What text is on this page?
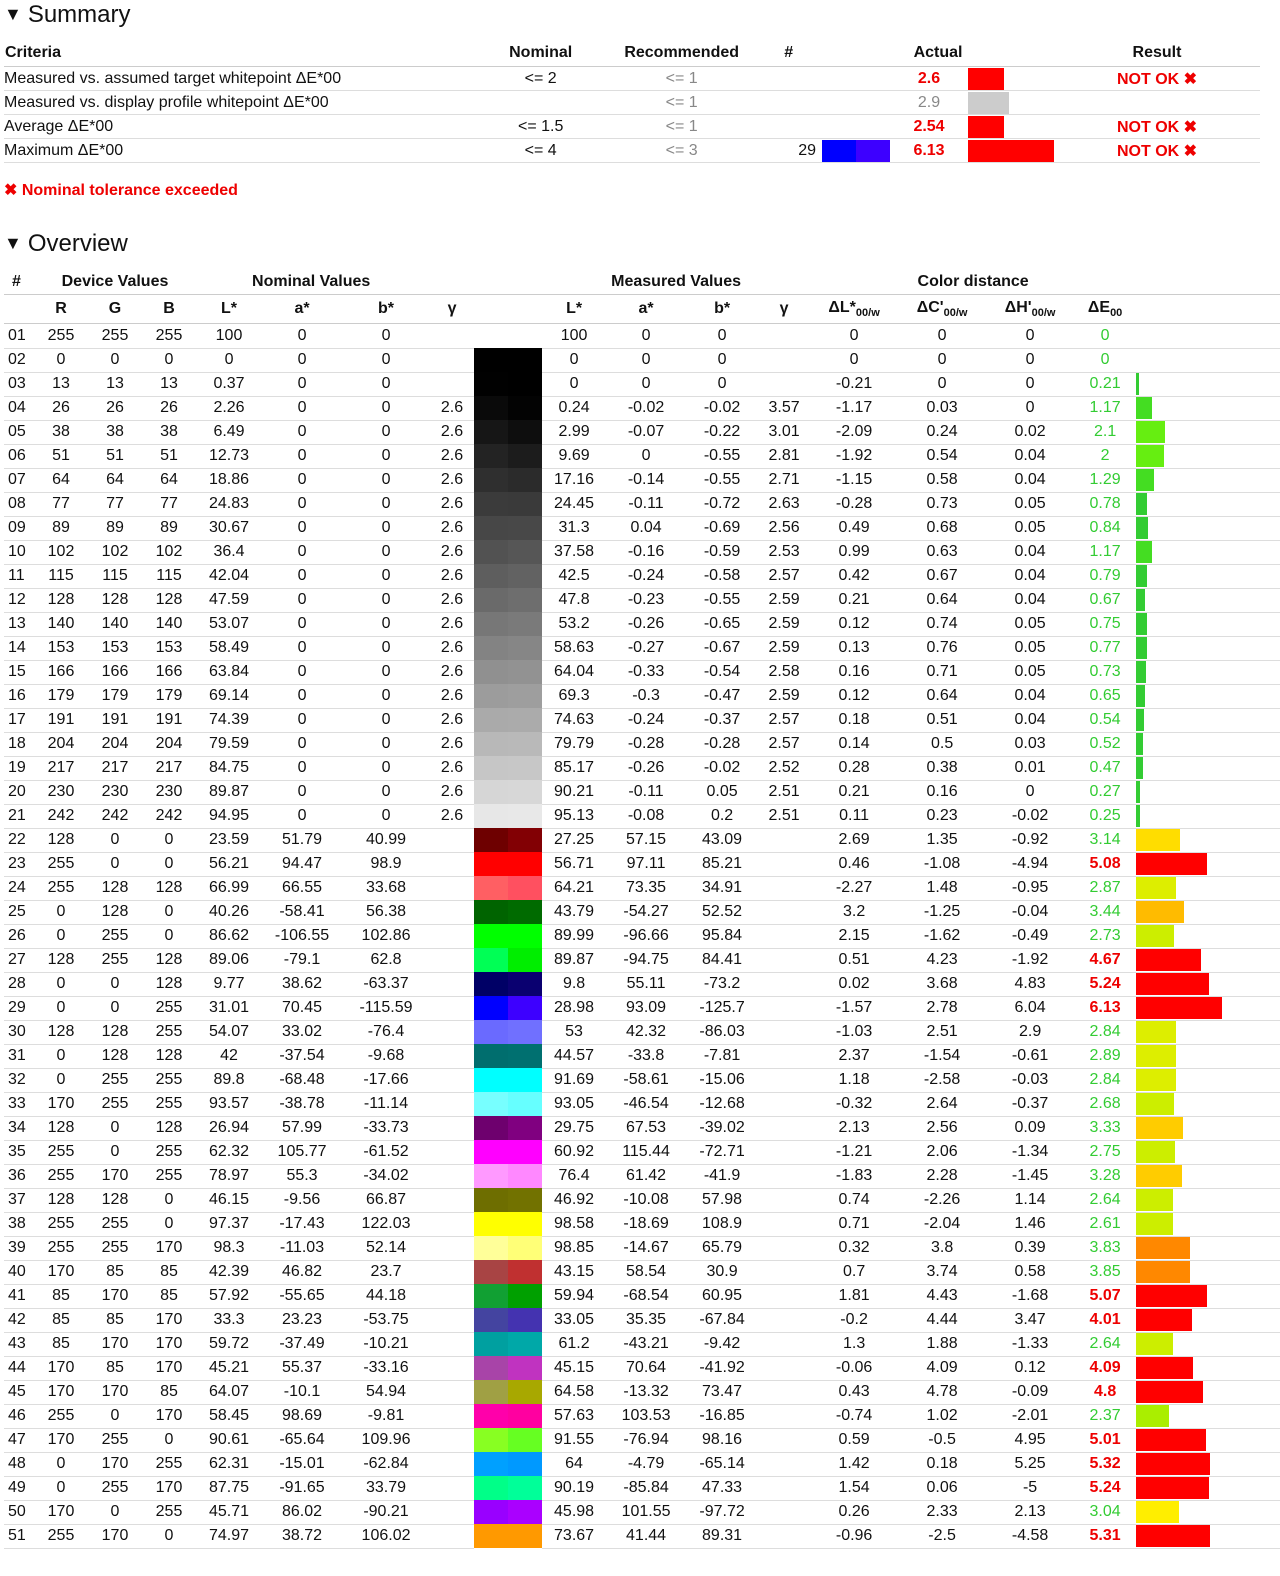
▼ Summary
Criteria	Nominal	Recommended	#	Actual	Result
Measured vs. assumed target whitepoint ΔE*00	<= 2	<= 1		2.6	NOT OK ✖
Measured vs. display profile whitepoint ΔE*00		<= 1		2.9	

Average ΔE*00	<= 1.5	<= 1		2.54	NOT OK ✖
Maximum ΔE*00	<= 4	<= 3	29	6.13	NOT OK ✖
✖ Nominal tolerance exceeded
▼ Overview
#	Device Values			Nominal Values					Measured Values				Color distance				
	R	G	B	L*	a*	b*	γ		L*	a*	b*	γ	$\Delta L*_{00/w}$	$\Delta C'_{00/w}$	$\Delta H'_{00/w}$	$\Delta E_{00}$	
01	255	255	255	100	0	0			100	0	0		0	0	0	0	

02	0	0	0	0	0	0			0	0	0		0	0	0	0	

03	13	13	13	0.37	0	0			0	0	0		-0.21	0	0	0.21	

04	26	26	26	2.26	0	0	2.6		0.24	-0.02	-0.02	3.57	-1.17	0.03	0	1.17	

05	38	38	38	6.49	0	0	2.6		2.99	-0.07	-0.22	3.01	-2.09	0.24	0.02	2.1	

06	51	51	51	12.73	0	0	2.6		9.69	0	-0.55	2.81	-1.92	0.54	0.04	2	

07	64	64	64	18.86	0	0	2.6		17.16	-0.14	-0.55	2.71	-1.15	0.58	0.04	1.29	

08	77	77	77	24.83	0	0	2.6		24.45	-0.11	-0.72	2.63	-0.28	0.73	0.05	0.78	

09	89	89	89	30.67	0	0	2.6		31.3	0.04	-0.69	2.56	0.49	0.68	0.05	0.84	

10	102	102	102	36.4	0	0	2.6		37.58	-0.16	-0.59	2.53	0.99	0.63	0.04	1.17	

11	115	115	115	42.04	0	0	2.6		42.5	-0.24	-0.58	2.57	0.42	0.67	0.04	0.79	

12	128	128	128	47.59	0	0	2.6		47.8	-0.23	-0.55	2.59	0.21	0.64	0.04	0.67	

13	140	140	140	53.07	0	0	2.6		53.2	-0.26	-0.65	2.59	0.12	0.74	0.05	0.75	

14	153	153	153	58.49	0	0	2.6		58.63	-0.27	-0.67	2.59	0.13	0.76	0.05	0.77	

15	166	166	166	63.84	0	0	2.6		64.04	-0.33	-0.54	2.58	0.16	0.71	0.05	0.73	

16	179	179	179	69.14	0	0	2.6		69.3	-0.3	-0.47	2.59	0.12	0.64	0.04	0.65	

17	191	191	191	74.39	0	0	2.6		74.63	-0.24	-0.37	2.57	0.18	0.51	0.04	0.54	

18	204	204	204	79.59	0	0	2.6		79.79	-0.28	-0.28	2.57	0.14	0.5	0.03	0.52	

19	217	217	217	84.75	0	0	2.6		85.17	-0.26	-0.02	2.52	0.28	0.38	0.01	0.47	

20	230	230	230	89.87	0	0	2.6		90.21	-0.11	0.05	2.51	0.21	0.16	0	0.27	

21	242	242	242	94.95	0	0	2.6		95.13	-0.08	0.2	2.51	0.11	0.23	-0.02	0.25	

22	128	0	0	23.59	51.79	40.99			27.25	57.15	43.09		2.69	1.35	-0.92	3.14	

23	255	0	0	56.21	94.47	98.9			56.71	97.11	85.21		0.46	-1.08	-4.94	5.08	

24	255	128	128	66.99	66.55	33.68			64.21	73.35	34.91		-2.27	1.48	-0.95	2.87	

25	0	128	0	40.26	-58.41	56.38			43.79	-54.27	52.52		3.2	-1.25	-0.04	3.44	

26	0	255	0	86.62	-106.55	102.86			89.99	-96.66	95.84		2.15	-1.62	-0.49	2.73	

27	128	255	128	89.06	-79.1	62.8			89.87	-94.75	84.41		0.51	4.23	-1.92	4.67	

28	0	0	128	9.77	38.62	-63.37			9.8	55.11	-73.2		0.02	3.68	4.83	5.24	

29	0	0	255	31.01	70.45	-115.59			28.98	93.09	-125.7		-1.57	2.78	6.04	6.13	

30	128	128	255	54.07	33.02	-76.4			53	42.32	-86.03		-1.03	2.51	2.9	2.84	

31	0	128	128	42	-37.54	-9.68			44.57	-33.8	-7.81		2.37	-1.54	-0.61	2.89	

32	0	255	255	89.8	-68.48	-17.66			91.69	-58.61	-15.06		1.18	-2.58	-0.03	2.84	

33	170	255	255	93.57	-38.78	-11.14			93.05	-46.54	-12.68		-0.32	2.64	-0.37	2.68	

34	128	0	128	26.94	57.99	-33.73			29.75	67.53	-39.02		2.13	2.56	0.09	3.33	

35	255	0	255	62.32	105.77	-61.52			60.92	115.44	-72.71		-1.21	2.06	-1.34	2.75	

36	255	170	255	78.97	55.3	-34.02			76.4	61.42	-41.9		-1.83	2.28	-1.45	3.28	

37	128	128	0	46.15	-9.56	66.87			46.92	-10.08	57.98		0.74	-2.26	1.14	2.64	

38	255	255	0	97.37	-17.43	122.03			98.58	-18.69	108.9		0.71	-2.04	1.46	2.61	

39	255	255	170	98.3	-11.03	52.14			98.85	-14.67	65.79		0.32	3.8	0.39	3.83	

40	170	85	85	42.39	46.82	23.7			43.15	58.54	30.9		0.7	3.74	0.58	3.85	

41	85	170	85	57.92	-55.65	44.18			59.94	-68.54	60.95		1.81	4.43	-1.68	5.07	

42	85	85	170	33.3	23.23	-53.75			33.05	35.35	-67.84		-0.2	4.44	3.47	4.01	

43	85	170	170	59.72	-37.49	-10.21			61.2	-43.21	-9.42		1.3	1.88	-1.33	2.64	

44	170	85	170	45.21	55.37	-33.16			45.15	70.64	-41.92		-0.06	4.09	0.12	4.09	

45	170	170	85	64.07	-10.1	54.94			64.58	-13.32	73.47		0.43	4.78	-0.09	4.8	

46	255	0	170	58.45	98.69	-9.81			57.63	103.53	-16.85		-0.74	1.02	-2.01	2.37	

47	170	255	0	90.61	-65.64	109.96			91.55	-76.94	98.16		0.59	-0.5	4.95	5.01	

48	0	170	255	62.31	-15.01	-62.84			64	-4.79	-65.14		1.42	0.18	5.25	5.32	

49	0	255	170	87.75	-91.65	33.79			90.19	-85.84	47.33		1.54	0.06	-5	5.24	

50	170	0	255	45.71	86.02	-90.21			45.98	101.55	-97.72		0.26	2.33	2.13	3.04	

51	255	170	0	74.97	38.72	106.02			73.67	41.44	89.31		-0.96	-2.5	-4.58	5.31	
